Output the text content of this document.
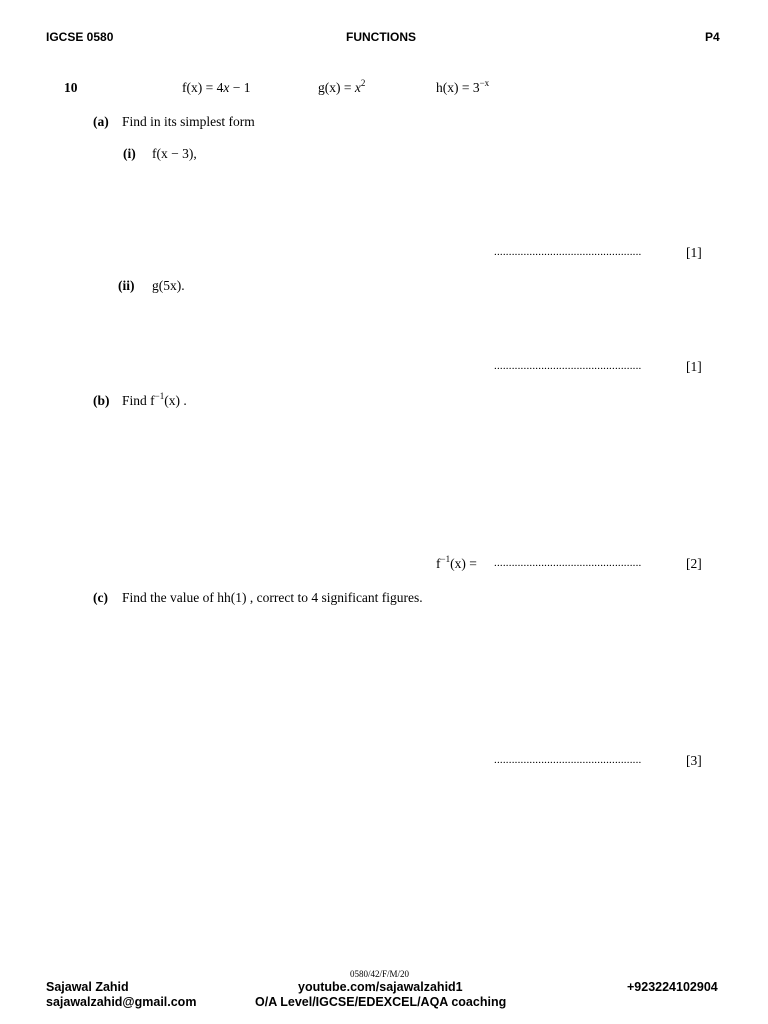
IGCSE 0580	FUNCTIONS	P4
10	f(x) = 4x − 1	$g(x) = x^2$	$h(x) = 3^{-x}$
(a) Find in its simplest form
(i) f(x − 3),
..................................................	[1]
(ii) g(5x).
..................................................	[1]
(b) Find $f^{-1}(x)$ .
$f^{-1}(x)$ = ..................................................	[2]
(c) Find the value of hh(1) , correct to 4 significant figures.
..................................................	[3]
0580/42/F/M/20
Sajawal Zahid
sajawalzahid@gmail.com
youtube.com/sajawalzahid1
O/A Level/IGCSE/EDEXCEL/AQA coaching
+923224102904
